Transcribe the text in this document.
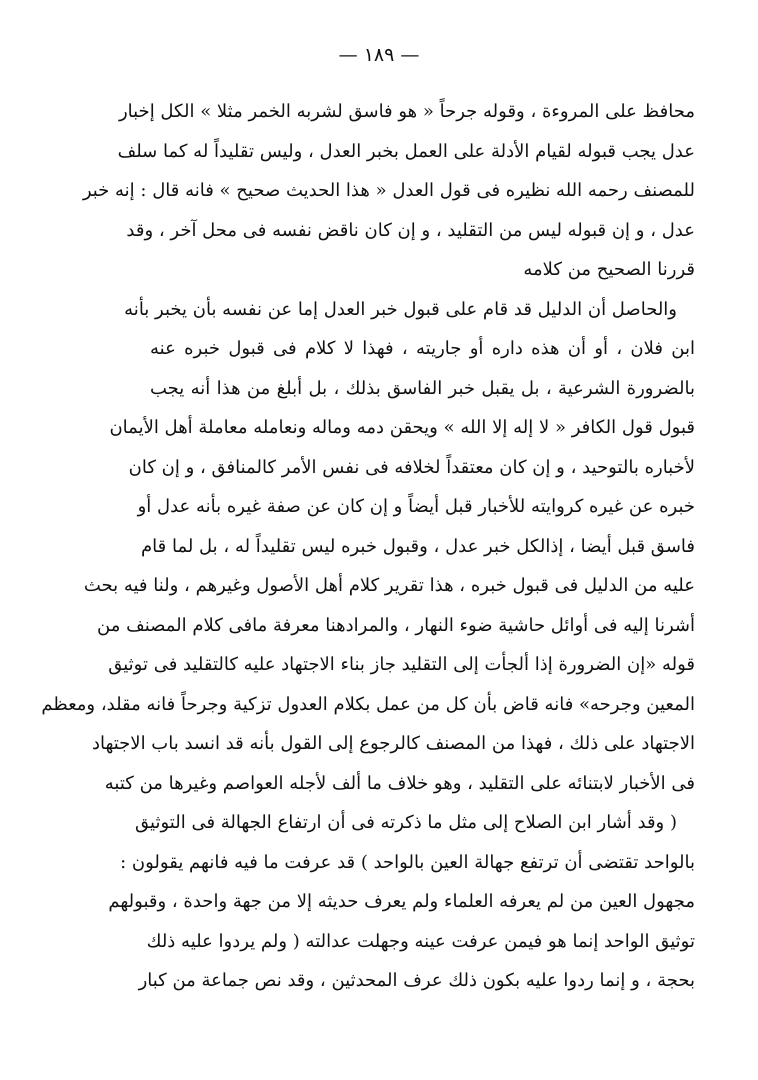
— ١٨٩ —
محافظ على المروءة ، وقوله جرحاً « هو فاسق لشربه الخمر مثلا » الكل إخبار
عدل يجب قبوله لقيام الأدلة على العمل بخبر العدل ، وليس تقليداً له كما سلف
للمصنف رحمه الله نظيره فى قول العدل « هذا الحديث صحيح » فانه قال : إنه خبر
عدل ، و إن قبوله ليس من التقليد ، و إن كان ناقض نفسه فى محل آخر ، وقد
قررنا الصحيح من كلامه
والحاصل أن الدليل قد قام على قبول خبر العدل إما عن نفسه بأن يخبر بأنه
ابن فلان ، أو أن هذه داره أو جاريته ، فهذا لا كلام فى قبول خبره عنه
بالضرورة الشرعية ، بل يقبل خبر الفاسق بذلك ، بل أبلغ من هذا أنه يجب
قبول قول الكافر « لا إله إلا الله » ويحقن دمه وماله ونعامله معاملة أهل الأيمان
لأخباره بالتوحيد ، و إن كان معتقداً لخلافه فى نفس الأمر كالمنافق ، و إن كان
خبره عن غيره كروايته للأخبار قبل أيضاً و إن كان عن صفة غيره بأنه عدل أو
فاسق قبل أيضا ، إذالكل خبر عدل ، وقبول خبره ليس تقليداً له ، بل لما قام
عليه من الدليل فى قبول خبره ، هذا تقرير كلام أهل الأصول وغيرهم ، ولنا فيه بحث
أشرنا إليه فى أوائل حاشية ضوء النهار ، والمرادهنا معرفة مافى كلام المصنف من
قوله «إن الضرورة إذا ألجأت إلى التقليد جاز بناء الاجتهاد عليه كالتقليد فى توثيق
المعين وجرحه» فانه قاض بأن كل من عمل بكلام العدول تزكية وجرحاً فانه مقلد، ومعظم
الاجتهاد على ذلك ، فهذا من المصنف كالرجوع إلى القول بأنه قد انسد باب الاجتهاد
فى الأخبار لابتنائه على التقليد ، وهو خلاف ما ألف لأجله العواصم وغيرها من كتبه
( وقد أشار ابن الصلاح إلى مثل ما ذكرته فى أن ارتفاع الجهالة فى التوثيق
بالواحد تقتضى أن ترتفع جهالة العين بالواحد ) قد عرفت ما فيه فانهم يقولون :
مجهول العين من لم يعرفه العلماء ولم يعرف حديثه إلا من جهة واحدة ، وقبولهم
توثيق الواحد إنما هو فيمن عرفت عينه وجهلت عدالته ( ولم يردوا عليه ذلك
بحجة ، و إنما ردوا عليه بكون ذلك عرف المحدثين ، وقد نص جماعة من كبار
